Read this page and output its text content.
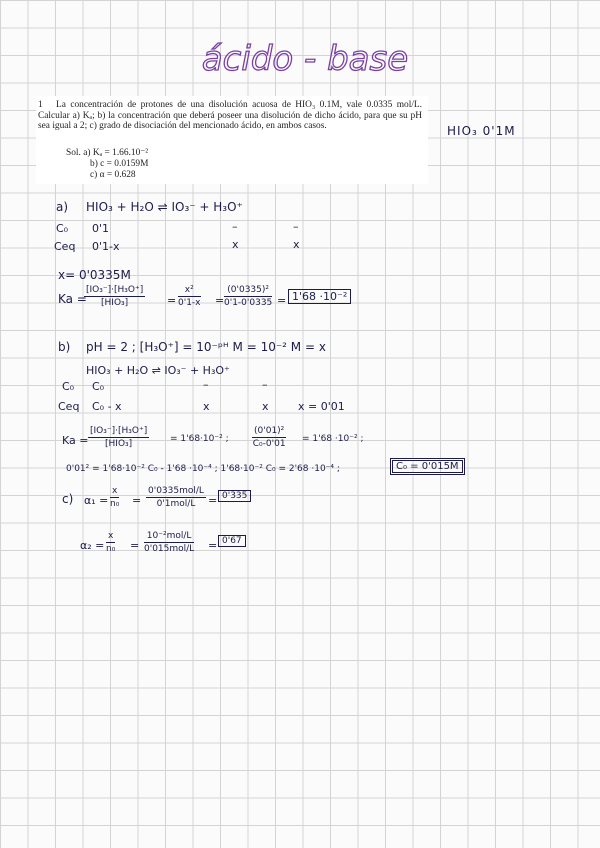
ácido - base
1 La concentración de protones de una disolución acuosa de HIO₃ 0.1M, vale 0.0335 mol/L. Calcular a) Kₐ; b) la concentración que deberá poseer una disolución de dicho ácido, para que su pH sea igual a 2; c) grado de disociación del mencionado ácido, en ambos casos.
Sol. a) Kₐ = 1.66.10⁻²
b) c = 0.0159M
c) α = 0.628
HIO₃ 0'1M
a) HIO₃ + H₂O ⇌ IO₃⁻ + H₃O⁺
C₀ 0'1	–	–
Ceq 0'1-x	x	x
x= 0'0335M
Ka =
[IO₃⁻]·[H₃O⁺]
[HIO₃]	= $\frac{\text{x²}}{0'1-x} = \frac{\text{(0'0335)²}}{0'1-0'0335} = 1'68 \cdot 10^{-2}$
b) pH = 2 ; [H₃O⁺] = 10⁻ᵖᴴ M = 10⁻² M = x
HIO₃ + H₂O ⇌ IO₃⁻ + H₃O⁺
C₀ C₀	–	–
Ceq C₀ - x	x	x	x = 0'01
Ka =
[IO₃⁻]·[H₃O⁺]
[HIO₃]	= 1'68·10⁻² ;	$\frac{\text{(0'01)²}}{\text{C₀-0'01}} = 1'68 \cdot 10^{-2}$ ;
0'01² = 1'68·10⁻² C₀ - 1'68 ·10⁻⁴ ; 1'68·10⁻² C₀ = 2'68 ·10⁻⁴ ;	C₀ = 0'015M
c) $\alpha_1 = \frac{x}{\text{n₀}}$ =
0'0335mol/L
0'1mol/L	= 0'335
$\alpha_2 = \frac{x}{\text{n₀}}$ =
10⁻²mol/L
0'015mol/L = 0'67
